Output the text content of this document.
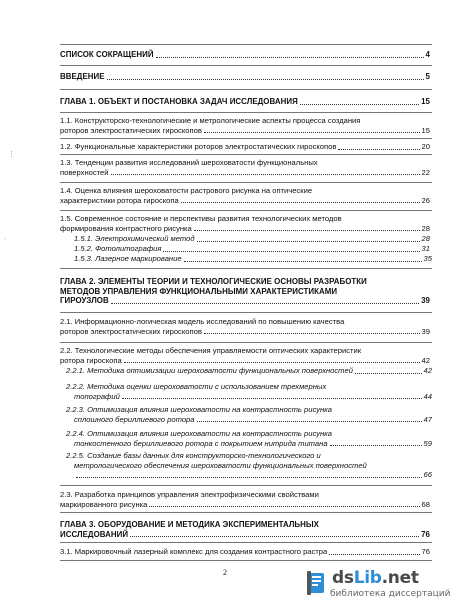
⋮
·
СПИСОК СОКРАЩЕНИЙ	4
ВВЕДЕНИЕ	5
ГЛАВА 1. ОБЪЕКТ И ПОСТАНОВКА ЗАДАЧ ИССЛЕДОВАНИЯ	15
1.1. Конструкторско-технологические и метрологические аспекты процесса создания
роторов электростатических гироскопов	15
1.2. Функциональные характеристики роторов электростатических гироскопов	20
1.3. Тенденции развития исследований шероховатости функциональных
поверхностей	22
1.4. Оценка влияния шероховатости растрового рисунка на оптические
характеристики ротора гироскопа	26
1.5. Современное состояние и перспективы развития технологических методов
формирования контрастного рисунка	28
1.5.1. Электрохимический метод	28
1.5.2. Фотолитография	31
1.5.3. Лазерное маркирование	35
ГЛАВА 2. ЭЛЕМЕНТЫ ТЕОРИИ И ТЕХНОЛОГИЧЕСКИЕ ОСНОВЫ РАЗРАБОТКИ
МЕТОДОВ УПРАВЛЕНИЯ ФУНКЦИОНАЛЬНЫМИ ХАРАКТЕРИСТИКАМИ
ГИРОУЗЛОВ	39
2.1. Информационно-логическая модель исследований по повышению качества
роторов электростатических гироскопов	39
2.2. Технологические методы обеспечения управляемости оптических характеристик
ротора гироскопа	42
2.2.1. Методика оптимизации шероховатости функциональных поверхностей	42
2.2.2. Методика оценки шероховатости с использованием трехмерных
топографий	44
2.2.3. Оптимизация влияния шероховатости на контрастность рисунка
сплошного бериллиевого ротора	47
2.2.4. Оптимизация влияния шероховатости на контрастность рисунка
тонкостенного бериллиевого ротора с покрытием нитрида титана	59
2.2.5. Создание базы данных для конструкторско-технологического и
метрологического обеспечения шероховатости функциональных поверхностей
66
2.3. Разработка принципов управления электрофизическими свойствами
маркированного рисунка	68
ГЛАВА 3. ОБОРУДОВАНИЕ И МЕТОДИКА ЭКСПЕРИМЕНТАЛЬНЫХ
ИССЛЕДОВАНИЙ	76
3.1. Маркировочный лазерный комплекс для создания контрастного растра	76
2	dsLib.net
библиотека диссертаций
